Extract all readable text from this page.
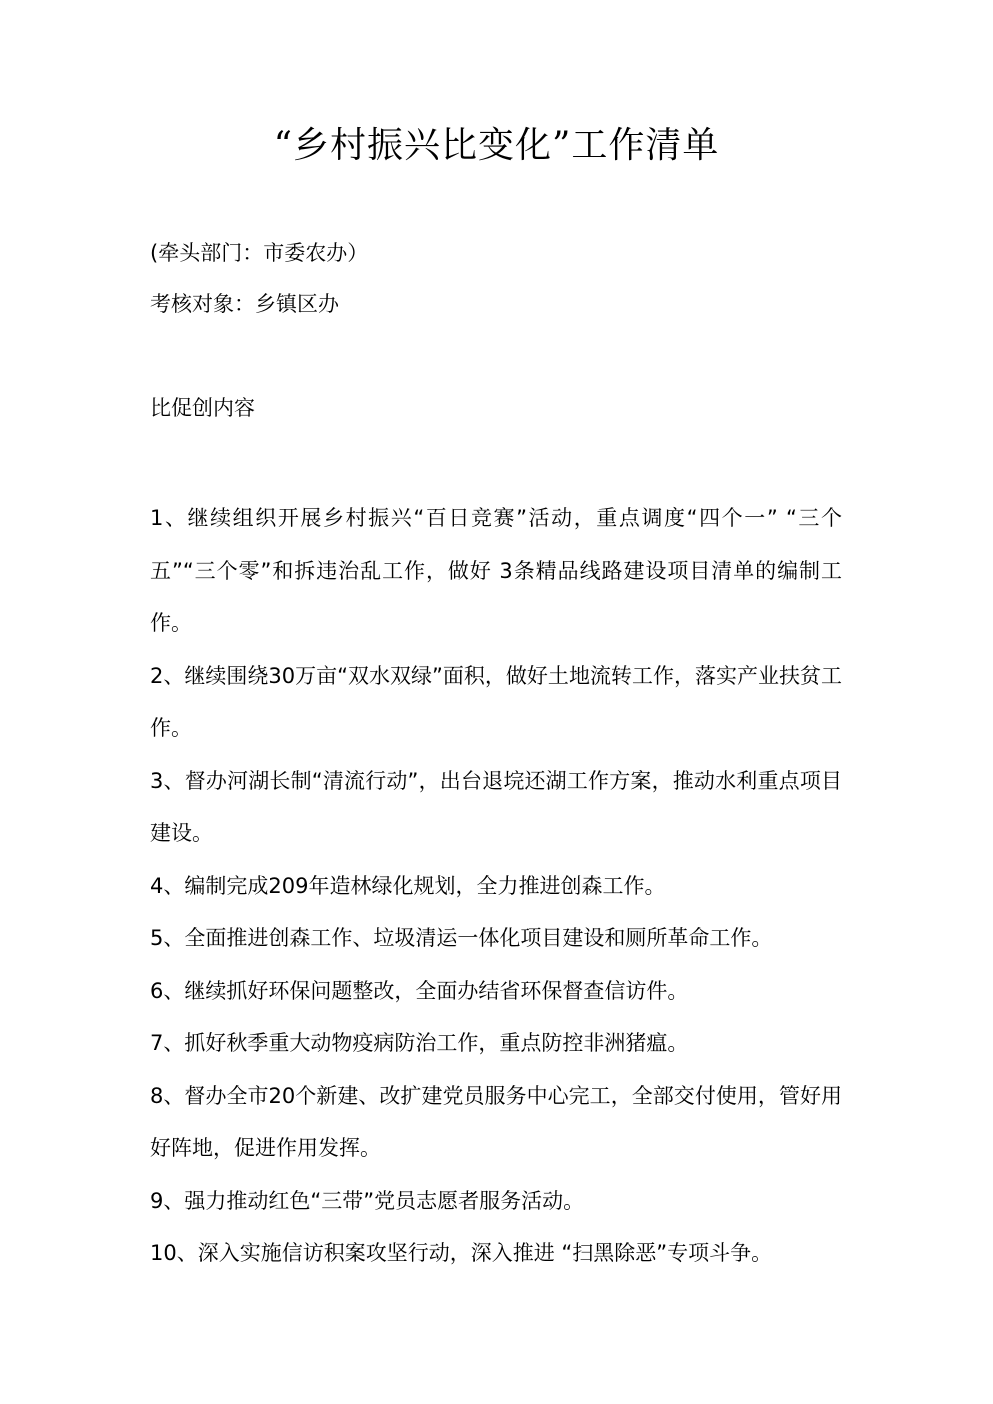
“乡村振兴比变化”工作清单
(牵头部门：市委农办）
考核对象：乡镇区办
比促创内容

1、继续组织开展乡村振兴“百日竞赛”活动，重点调度“四个一” “三个五”“三个零”和拆违治乱工作，做好 3条精品线路建设项目清单的编制工作。

2、继续围绕30万亩“双水双绿”面积，做好土地流转工作，落实产业扶贫工作。

3、督办河湖长制“清流行动”，出台退垸还湖工作方案，推动水利重点项目建设。

4、编制完成209年造林绿化规划，全力推进创森工作。

5、全面推进创森工作、垃圾清运一体化项目建设和厕所革命工作。

6、继续抓好环保问题整改，全面办结省环保督查信访件。

7、抓好秋季重大动物疫病防治工作，重点防控非洲猪瘟。

8、督办全市20个新建、改扩建党员服务中心完工，全部交付使用，管好用好阵地，促进作用发挥。

9、强力推动红色“三带”党员志愿者服务活动。

10、深入实施信访积案攻坚行动，深入推进 “扫黑除恶”专项斗争。
